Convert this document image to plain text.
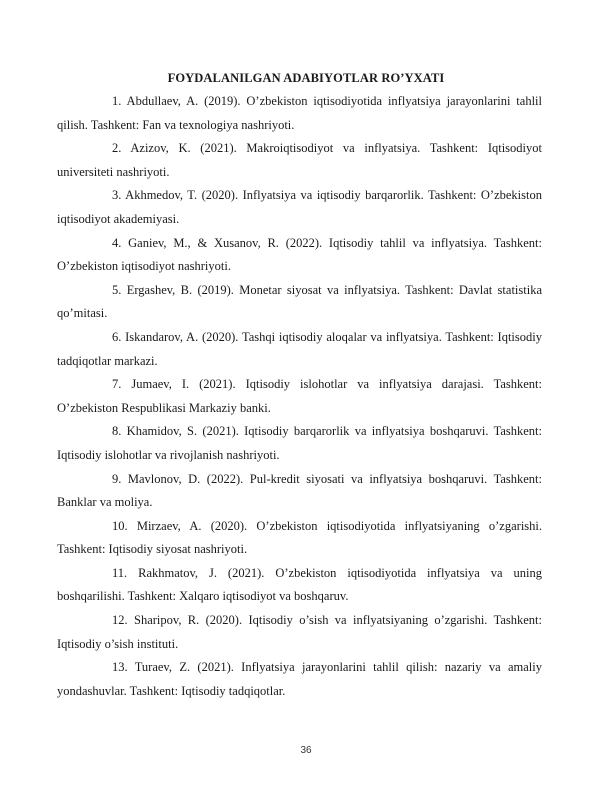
FOYDALANILGAN ADABIYOTLAR RO’YXATI
1. Abdullaev, A. (2019). O’zbekiston iqtisodiyotida inflyatsiya jarayonlarini tahlil qilish. Tashkent: Fan va texnologiya nashriyoti.
2. Azizov, K. (2021). Makroiqtisodiyot va inflyatsiya. Tashkent: Iqtisodiyot universiteti nashriyoti.
3. Akhmedov, T. (2020). Inflyatsiya va iqtisodiy barqarorlik. Tashkent: O’zbekiston iqtisodiyot akademiyasi.
4. Ganiev, M., & Xusanov, R. (2022). Iqtisodiy tahlil va inflyatsiya. Tashkent: O’zbekiston iqtisodiyot nashriyoti.
5. Ergashev, B. (2019). Monetar siyosat va inflyatsiya. Tashkent: Davlat statistika qo’mitasi.
6. Iskandarov, A. (2020). Tashqi iqtisodiy aloqalar va inflyatsiya. Tashkent: Iqtisodiy tadqiqotlar markazi.
7. Jumaev, I. (2021). Iqtisodiy islohotlar va inflyatsiya darajasi. Tashkent: O’zbekiston Respublikasi Markaziy banki.
8. Khamidov, S. (2021). Iqtisodiy barqarorlik va inflyatsiya boshqaruvi. Tashkent: Iqtisodiy islohotlar va rivojlanish nashriyoti.
9. Mavlonov, D. (2022). Pul-kredit siyosati va inflyatsiya boshqaruvi. Tashkent: Banklar va moliya.
10. Mirzaev, A. (2020). O’zbekiston iqtisodiyotida inflyatsiyaning o’zgarishi. Tashkent: Iqtisodiy siyosat nashriyoti.
11. Rakhmatov, J. (2021). O’zbekiston iqtisodiyotida inflyatsiya va uning boshqarilishi. Tashkent: Xalqaro iqtisodiyot va boshqaruv.
12. Sharipov, R. (2020). Iqtisodiy o’sish va inflyatsiyaning o’zgarishi. Tashkent: Iqtisodiy o’sish instituti.
13. Turaev, Z. (2021). Inflyatsiya jarayonlarini tahlil qilish: nazariy va amaliy yondashuvlar. Tashkent: Iqtisodiy tadqiqotlar.
36
